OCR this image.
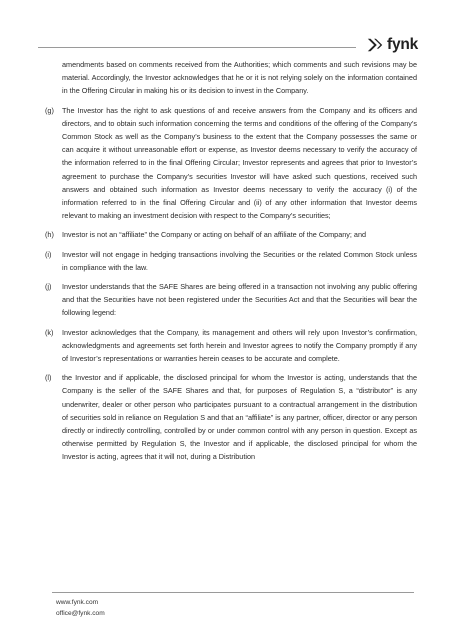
fynk
amendments based on comments received from the Authorities; which comments and such revisions may be material. Accordingly, the Investor acknowledges that he or it is not relying solely on the information contained in the Offering Circular in making his or its decision to invest in the Company.
(g) The Investor has the right to ask questions of and receive answers from the Company and its officers and directors, and to obtain such information concerning the terms and conditions of the offering of the Company’s Common Stock as well as the Company’s business to the extent that the Company possesses the same or can acquire it without unreasonable effort or expense, as Investor deems necessary to verify the accuracy of the information referred to in the final Offering Circular; Investor represents and agrees that prior to Investor’s agreement to purchase the Company’s securities Investor will have asked such questions, received such answers and obtained such information as Investor deems necessary to verify the accuracy (i) of the information referred to in the final Offering Circular and (ii) of any other information that Investor deems relevant to making an investment decision with respect to the Company’s securities;
(h) Investor is not an “affiliate” the Company or acting on behalf of an affiliate of the Company; and
(i) Investor will not engage in hedging transactions involving the Securities or the related Common Stock unless in compliance with the law.
(j) Investor understands that the SAFE Shares are being offered in a transaction not involving any public offering and that the Securities have not been registered under the Securities Act and that the Securities will bear the following legend:
(k) Investor acknowledges that the Company, its management and others will rely upon Investor’s confirmation, acknowledgments and agreements set forth herein and Investor agrees to notify the Company promptly if any of Investor’s representations or warranties herein ceases to be accurate and complete.
(l) the Investor and if applicable, the disclosed principal for whom the Investor is acting, understands that the Company is the seller of the SAFE Shares and that, for purposes of Regulation S, a “distributor” is any underwriter, dealer or other person who participates pursuant to a contractual arrangement in the distribution of securities sold in reliance on Regulation S and that an “affiliate” is any partner, officer, director or any person directly or indirectly controlling, controlled by or under common control with any person in question. Except as otherwise permitted by Regulation S, the Investor and if applicable, the disclosed principal for whom the Investor is acting, agrees that it will not, during a Distribution
www.fynk.com
office@fynk.com
